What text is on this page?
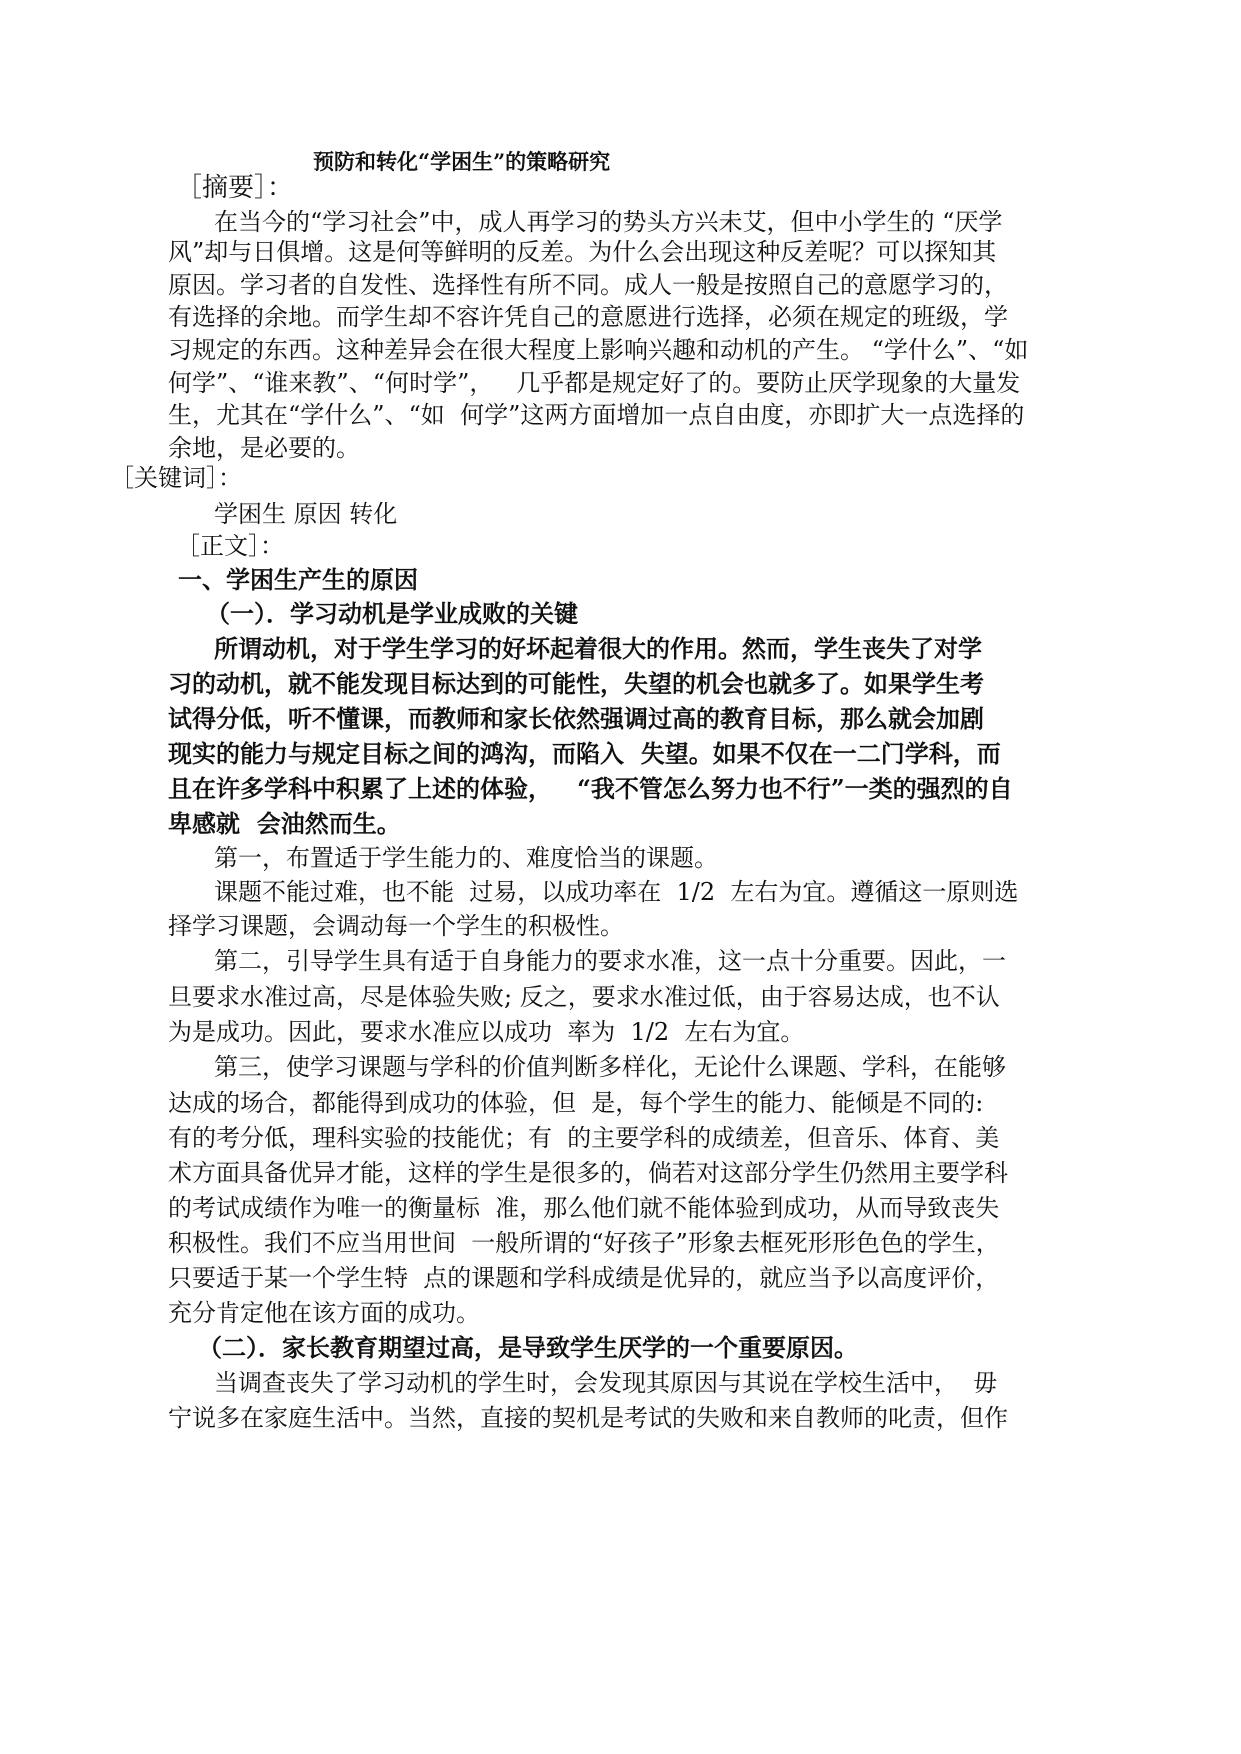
预防和转化“学困生”的策略研究
［摘要］：
在当今的“学习社会”中，成人再学习的势头方兴未艾，但中小学生的 “厌学
风”却与日俱增。这是何等鲜明的反差。为什么会出现这种反差呢？可以探知其
原因。学习者的自发性、选择性有所不同。成人一般是按照自己的意愿学习的，
有选择的余地。而学生却不容许凭自己的意愿进行选择，必须在规定的班级，学
习规定的东西。这种差异会在很大程度上影响兴趣和动机的产生。 “学什么”、“如
何学”、“谁来教”、“何时学”，   几乎都是规定好了的。要防止厌学现象的大量发
生，尤其在“学什么”、“如  何学”这两方面增加一点自由度，亦即扩大一点选择的
余地，是必要的。
［关键词］：
学困生 原因 转化
［正文］：
一、学困生产生的原因
（一）．学习动机是学业成败的关键
所谓动机，对于学生学习的好坏起着很大的作用。然而，学生丧失了对学
习的动机，就不能发现目标达到的可能性，失望的机会也就多了。如果学生考
试得分低，听不懂课，而教师和家长依然强调过高的教育目标，那么就会加剧
现实的能力与规定目标之间的鸿沟，而陷入  失望。如果不仅在一二门学科，而
且在许多学科中积累了上述的体验，   “我不管怎么努力也不行”一类的强烈的自
卑感就  会油然而生。
第一，布置适于学生能力的、难度恰当的课题。
课题不能过难，也不能  过易，以成功率在  1/2  左右为宜。遵循这一原则选
择学习课题，会调动每一个学生的积极性。
第二，引导学生具有适于自身能力的要求水准，这一点十分重要。因此，一
旦要求水准过高，尽是体验失败; 反之，要求水准过低，由于容易达成，也不认
为是成功。因此，要求水准应以成功  率为  1/2  左右为宜。
第三，使学习课题与学科的价值判断多样化，无论什么课题、学科，在能够
达成的场合，都能得到成功的体验，但  是，每个学生的能力、能倾是不同的:
有的考分低，理科实验的技能优；有  的主要学科的成绩差，但音乐、体育、美
术方面具备优异才能，这样的学生是很多的，倘若对这部分学生仍然用主要学科
的考试成绩作为唯一的衡量标  准，那么他们就不能体验到成功，从而导致丧失
积极性。我们不应当用世间  一般所谓的“好孩子”形象去框死形形色色的学生，
只要适于某一个学生特  点的课题和学科成绩是优异的，就应当予以高度评价，
充分肯定他在该方面的成功。
（二）．家长教育期望过高，是导致学生厌学的一个重要原因。
当调查丧失了学习动机的学生时，会发现其原因与其说在学校生活中，  毋
宁说多在家庭生活中。当然，直接的契机是考试的失败和来自教师的叱责，但作
